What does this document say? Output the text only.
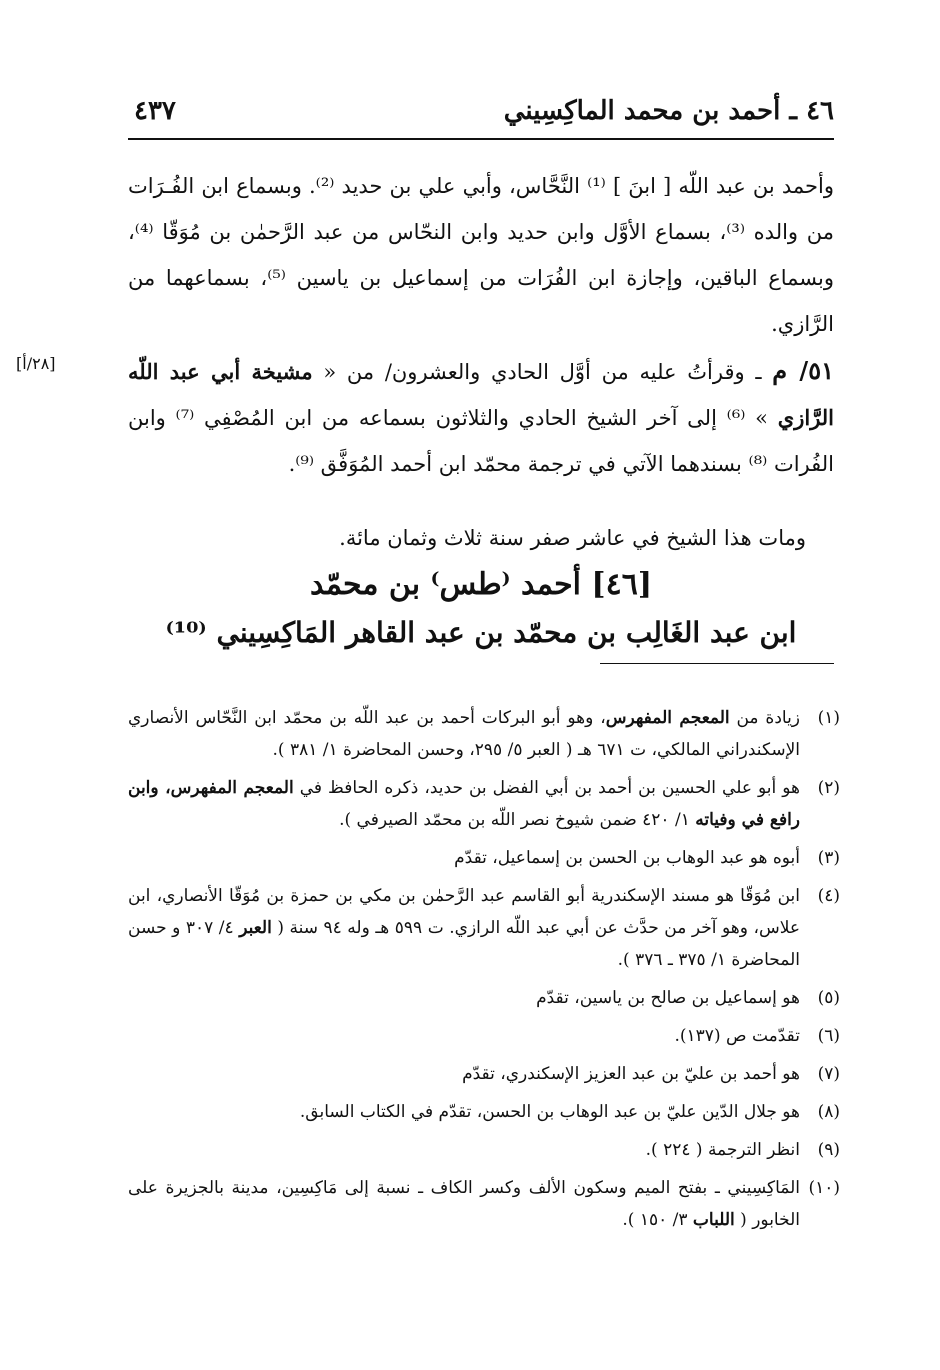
٤٦ ـ أحمد بن محمد الماكِسِيني
٤٣٧

وأحمد بن عبد اللّه [ ابنَ ] ⁽¹⁾ النَّحَّاس، وأبي علي بن حديد ⁽²⁾. وبسماع ابن الفُـرَات من والده ⁽³⁾، بسماع الأوَّل وابن حديد وابن النحّاس من عبد الرَّحمٰن بن مُوَقّا ⁽⁴⁾، وبسماع الباقين، وإجازة ابن الفُرَات من إسماعيل بن ياسين ⁽⁵⁾، بسماعهما من الرَّازي.

[٢٨/أ]	٥١/ م ـ وقرأتُ عليه من أوَّل الحادي والعشرون/ من « مشيخة أبي عبد اللّه الرَّازي » ⁽⁶⁾ إلى آخر الشيخ الحادي والثلاثون بسماعه من ابن المُصْفِي ⁽⁷⁾ وابن الفُرات ⁽⁸⁾ بسندهما الآتي في ترجمة محمّد ابن أحمد المُوَفَّق ⁽⁹⁾.

ومات هذا الشيخ في عاشر صفر سنة ثلاث وثمان مائة.
[٤٦] أحمد ⁽طس⁾ بن محمّد
ابن عبد الغَالِب بن محمّد بن عبد القاهر المَاكِسِيني ⁽¹⁰⁾
(١)
زيادة من المعجم المفهرس، وهو أبو البركات أحمد بن عبد اللّه بن محمّد ابن النَّحّاس الأنصاري الإسكندراني المالكي، ت ٦٧١ هـ ( العبر ٥/ ٢٩٥، وحسن المحاضرة ١/ ٣٨١ ).
(٢)
هو أبو علي الحسين بن أحمد بن أبي الفضل بن حديد، ذكره الحافظ في المعجم المفهرس، وابن رافع في وفياته ١/ ٤٢٠ ضمن شيوخ نصر اللّه بن محمّد الصيرفي ).
(٣)
أبوه هو عبد الوهاب بن الحسن بن إسماعيل، تقدّم
(٤)
ابن مُوَقّا هو مسند الإسكندرية أبو القاسم عبد الرَّحمٰن بن مكي بن حمزة بن مُوَقّا الأنصاري، ابن علاس، وهو آخر من حدَّث عن أبي عبد اللّه الرازي. ت ٥٩٩ هـ وله ٩٤ سنة ( العبر ٤/ ٣٠٧ و حسن المحاضرة ١/ ٣٧٥ ـ ٣٧٦ ).
(٥)
هو إسماعيل بن صالح بن ياسين، تقدّم
(٦)
تقدّمت ص (١٣٧).
(٧)
هو أحمد بن عليّ بن عبد العزيز الإسكندري، تقدّم
(٨)
هو جلال الدّين عليّ بن عبد الوهاب بن الحسن، تقدّم في الكتاب السابق.
(٩)
انظر الترجمة ( ٢٢٤ ).
(١٠)
المَاكِسِيني ـ بفتح الميم وسكون الألف وكسر الكاف ـ نسبة إلى مَاكِسِين، مدينة بالجزيرة على الخابور ( اللباب ٣/ ١٥٠ ).
